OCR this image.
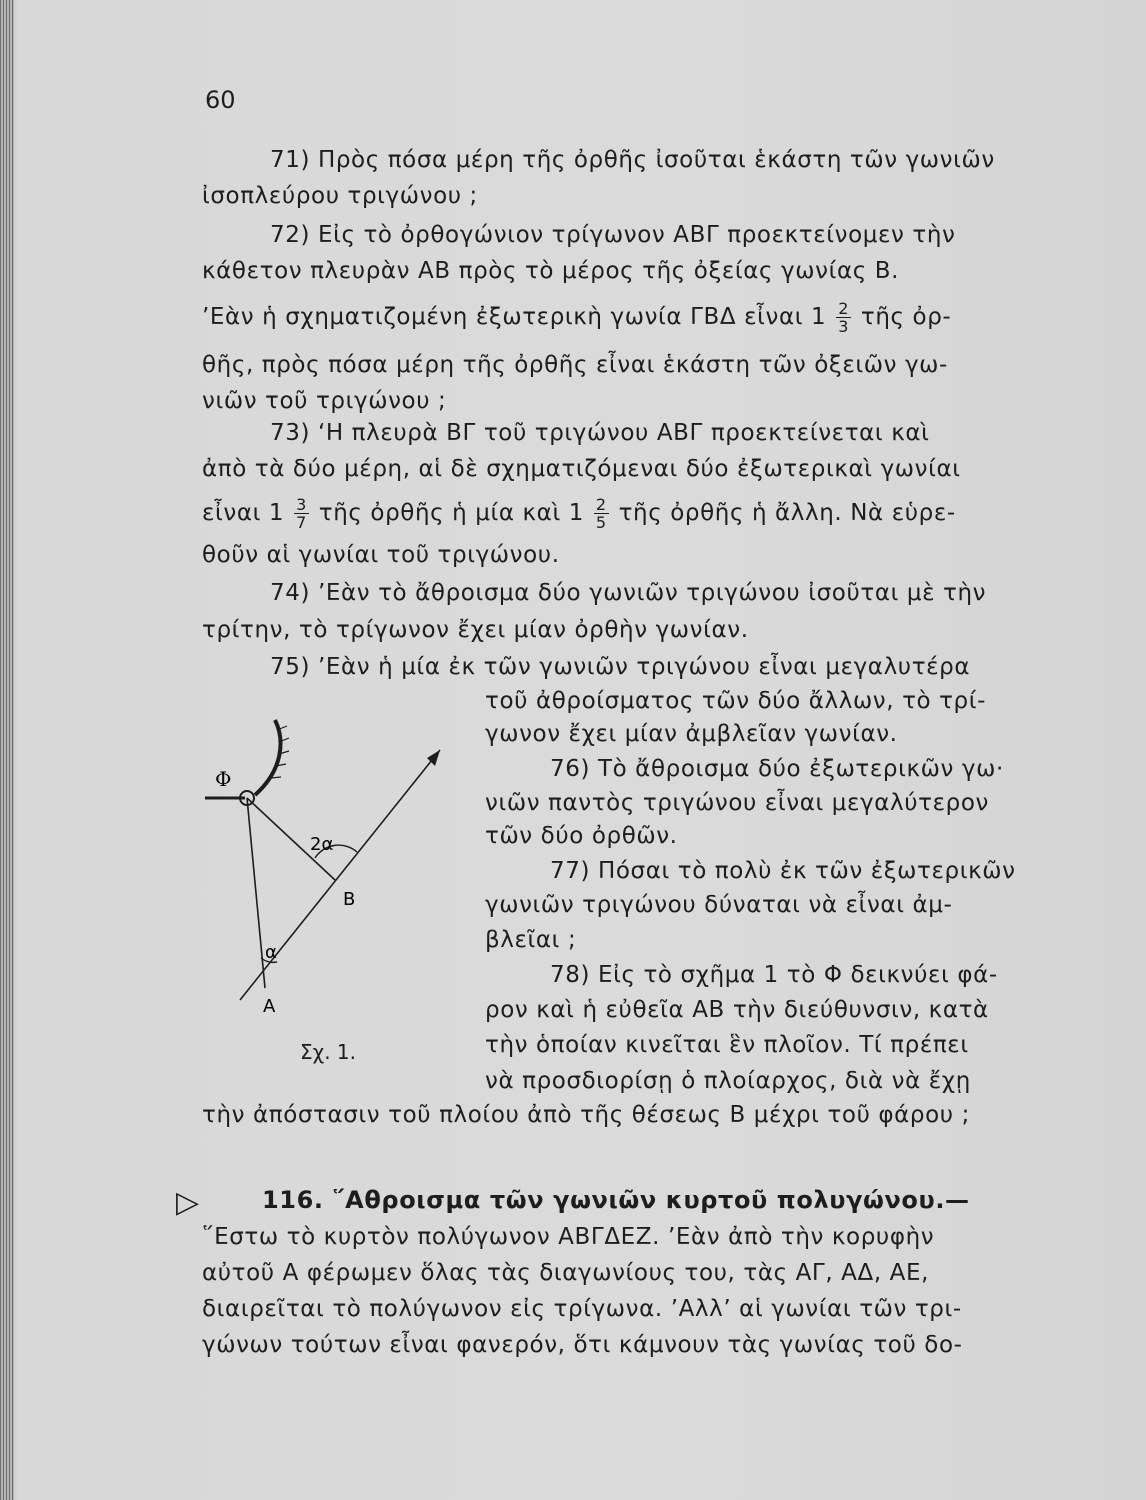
60
71) Πρὸς πόσα μέρη τῆς ὀρθῆς ἰσοῦται ἑκάστη τῶν γωνιῶν
ἰσοπλεύρου τριγώνου ;
72) Εἰς τὸ ὀρθογώνιον τρίγωνον ΑΒΓ προεκτείνομεν τὴν
κάθετον πλευρὰν ΑΒ πρὸς τὸ μέρος τῆς ὀξείας γωνίας Β.
’Εὰν ἡ σχηματιζομένη ἐξωτερικὴ γωνία ΓΒΔ εἶναι $1 \frac{2}{3}$ τῆς ὀρ-
θῆς, πρὸς πόσα μέρη τῆς ὀρθῆς εἶναι ἑκάστη τῶν ὀξειῶν γω-
νιῶν τοῦ τριγώνου ;
73) ‘Η πλευρὰ ΒΓ τοῦ τριγώνου ΑΒΓ προεκτείνεται καὶ
ἀπὸ τὰ δύο μέρη, αἱ δὲ σχηματιζόμεναι δύο ἐξωτερικαὶ γωνίαι
εἶναι $1 \frac{3}{7}$ τῆς ὀρθῆς ἡ μία καὶ $1 \frac{2}{5}$ τῆς ὀρθῆς ἡ ἄλλη. Νὰ εὑρε-
θοῦν αἱ γωνίαι τοῦ τριγώνου.
74) ’Εὰν τὸ ἄθροισμα δύο γωνιῶν τριγώνου ἰσοῦται μὲ τὴν
τρίτην, τὸ τρίγωνον ἔχει μίαν ὀρθὴν γωνίαν.
75) ’Εὰν ἡ μία ἐκ τῶν γωνιῶν τριγώνου εἶναι μεγαλυτέρα
τοῦ ἀθροίσματος τῶν δύο ἄλλων, τὸ τρί-
γωνον ἔχει μίαν ἀμβλεῖαν γωνίαν.
76) Τὸ ἄθροισμα δύο ἐξωτερικῶν γω·
νιῶν παντὸς τριγώνου εἶναι μεγαλύτερον
τῶν δύο ὀρθῶν.
77) Πόσαι τὸ πολὺ ἐκ τῶν ἐξωτερικῶν
γωνιῶν τριγώνου δύναται νὰ εἶναι ἀμ-
βλεῖαι ;
78) Εἰς τὸ σχῆμα 1 τὸ Φ δεικνύει φά-
ρον καὶ ἡ εὐθεῖα ΑΒ τὴν διεύθυνσιν, κατὰ
τὴν ὁποίαν κινεῖται ἓν πλοῖον. Τί πρέπει
νὰ προσδιορίσῃ ὁ πλοίαρχος, διὰ νὰ ἔχῃ
τὴν ἀπόστασιν τοῦ πλοίου ἀπὸ τῆς θέσεως Β μέχρι τοῦ φάρου ;
116. ῞Αθροισμα τῶν γωνιῶν κυρτοῦ πολυγώνου.—
῞Εστω τὸ κυρτὸν πολύγωνον ΑΒΓΔΕΖ. ’Εὰν ἀπὸ τὴν κορυφὴν
αὐτοῦ Α φέρωμεν ὅλας τὰς διαγωνίους του, τὰς ΑΓ, ΑΔ, ΑΕ,
διαιρεῖται τὸ πολύγωνον εἰς τρίγωνα. ’Αλλ’ αἱ γωνίαι τῶν τρι-
γώνων τούτων εἶναι φανερόν, ὅτι κάμνουν τὰς γωνίας τοῦ δο-
▷
Φ
2α
Β
α
Α
Σχ. 1.
